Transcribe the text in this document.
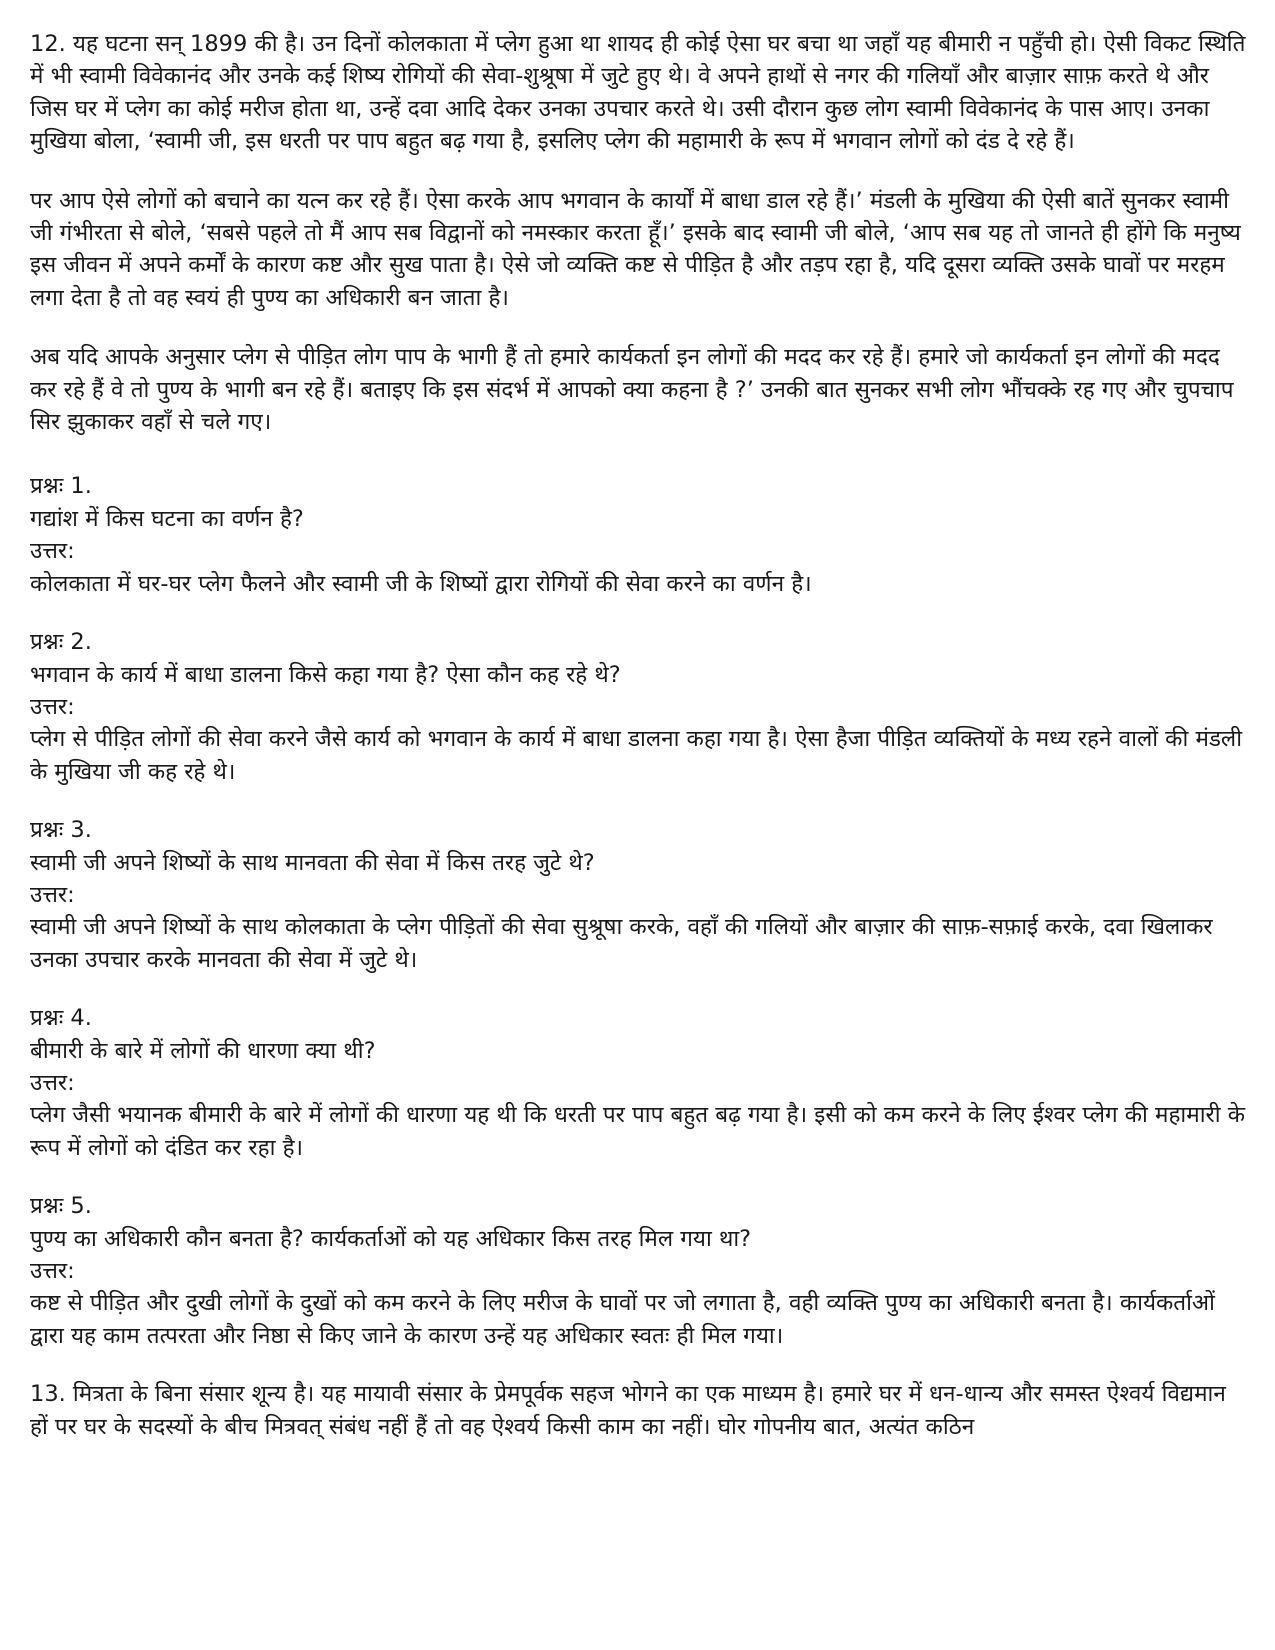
12. यह घटना सन् 1899 की है। उन दिनों कोलकाता में प्लेग हुआ था शायद ही कोई ऐसा घर बचा था जहाँ यह बीमारी न पहुँची हो। ऐसी विकट स्थिति में भी स्वामी विवेकानंद और उनके कई शिष्य रोगियों की सेवा-शुश्रूषा में जुटे हुए थे। वे अपने हाथों से नगर की गलियाँ और बाज़ार साफ़ करते थे और जिस घर में प्लेग का कोई मरीज होता था, उन्हें दवा आदि देकर उनका उपचार करते थे। उसी दौरान कुछ लोग स्वामी विवेकानंद के पास आए। उनका मुखिया बोला, ‘स्वामी जी, इस धरती पर पाप बहुत बढ़ गया है, इसलिए प्लेग की महामारी के रूप में भगवान लोगों को दंड दे रहे हैं।

पर आप ऐसे लोगों को बचाने का यत्न कर रहे हैं। ऐसा करके आप भगवान के कार्यों में बाधा डाल रहे हैं।’ मंडली के मुखिया की ऐसी बातें सुनकर स्वामी जी गंभीरता से बोले, ‘सबसे पहले तो मैं आप सब विद्वानों को नमस्कार करता हूँ।’ इसके बाद स्वामी जी बोले, ‘आप सब यह तो जानते ही होंगे कि मनुष्य इस जीवन में अपने कर्मों के कारण कष्ट और सुख पाता है। ऐसे जो व्यक्ति कष्ट से पीड़ित है और तड़प रहा है, यदि दूसरा व्यक्ति उसके घावों पर मरहम लगा देता है तो वह स्वयं ही पुण्य का अधिकारी बन जाता है।

अब यदि आपके अनुसार प्लेग से पीड़ित लोग पाप के भागी हैं तो हमारे कार्यकर्ता इन लोगों की मदद कर रहे हैं। हमारे जो कार्यकर्ता इन लोगों की मदद कर रहे हैं वे तो पुण्य के भागी बन रहे हैं। बताइए कि इस संदर्भ में आपको क्या कहना है ?’ उनकी बात सुनकर सभी लोग भौंचक्के रह गए और चुपचाप सिर झुकाकर वहाँ से चले गए।

प्रश्नः 1.
गद्यांश में किस घटना का वर्णन है?
उत्तर:
कोलकाता में घर-घर प्लेग फैलने और स्वामी जी के शिष्यों द्वारा रोगियों की सेवा करने का वर्णन है।
प्रश्नः 2.
भगवान के कार्य में बाधा डालना किसे कहा गया है? ऐसा कौन कह रहे थे?
उत्तर:
प्लेग से पीड़ित लोगों की सेवा करने जैसे कार्य को भगवान के कार्य में बाधा डालना कहा गया है। ऐसा हैजा पीड़ित व्यक्तियों के मध्य रहने वालों की मंडली के मुखिया जी कह रहे थे।
प्रश्नः 3.
स्वामी जी अपने शिष्यों के साथ मानवता की सेवा में किस तरह जुटे थे?
उत्तर:
स्वामी जी अपने शिष्यों के साथ कोलकाता के प्लेग पीड़ितों की सेवा सुश्रूषा करके, वहाँ की गलियों और बाज़ार की साफ़-सफ़ाई करके, दवा खिलाकर उनका उपचार करके मानवता की सेवा में जुटे थे।
प्रश्नः 4.
बीमारी के बारे में लोगों की धारणा क्या थी?
उत्तर:
प्लेग जैसी भयानक बीमारी के बारे में लोगों की धारणा यह थी कि धरती पर पाप बहुत बढ़ गया है। इसी को कम करने के लिए ईश्वर प्लेग की महामारी के रूप में लोगों को दंडित कर रहा है।
प्रश्नः 5.
पुण्य का अधिकारी कौन बनता है? कार्यकर्ताओं को यह अधिकार किस तरह मिल गया था?
उत्तर:
कष्ट से पीड़ित और दुखी लोगों के दुखों को कम करने के लिए मरीज के घावों पर जो लगाता है, वही व्यक्ति पुण्य का अधिकारी बनता है। कार्यकर्ताओं द्वारा यह काम तत्परता और निष्ठा से किए जाने के कारण उन्हें यह अधिकार स्वतः ही मिल गया।

13. मित्रता के बिना संसार शून्य है। यह मायावी संसार के प्रेमपूर्वक सहज भोगने का एक माध्यम है। हमारे घर में धन-धान्य और समस्त ऐश्वर्य विद्यमान हों पर घर के सदस्यों के बीच मित्रवत् संबंध नहीं हैं तो वह ऐश्वर्य किसी काम का नहीं। घोर गोपनीय बात, अत्यंत कठिन
